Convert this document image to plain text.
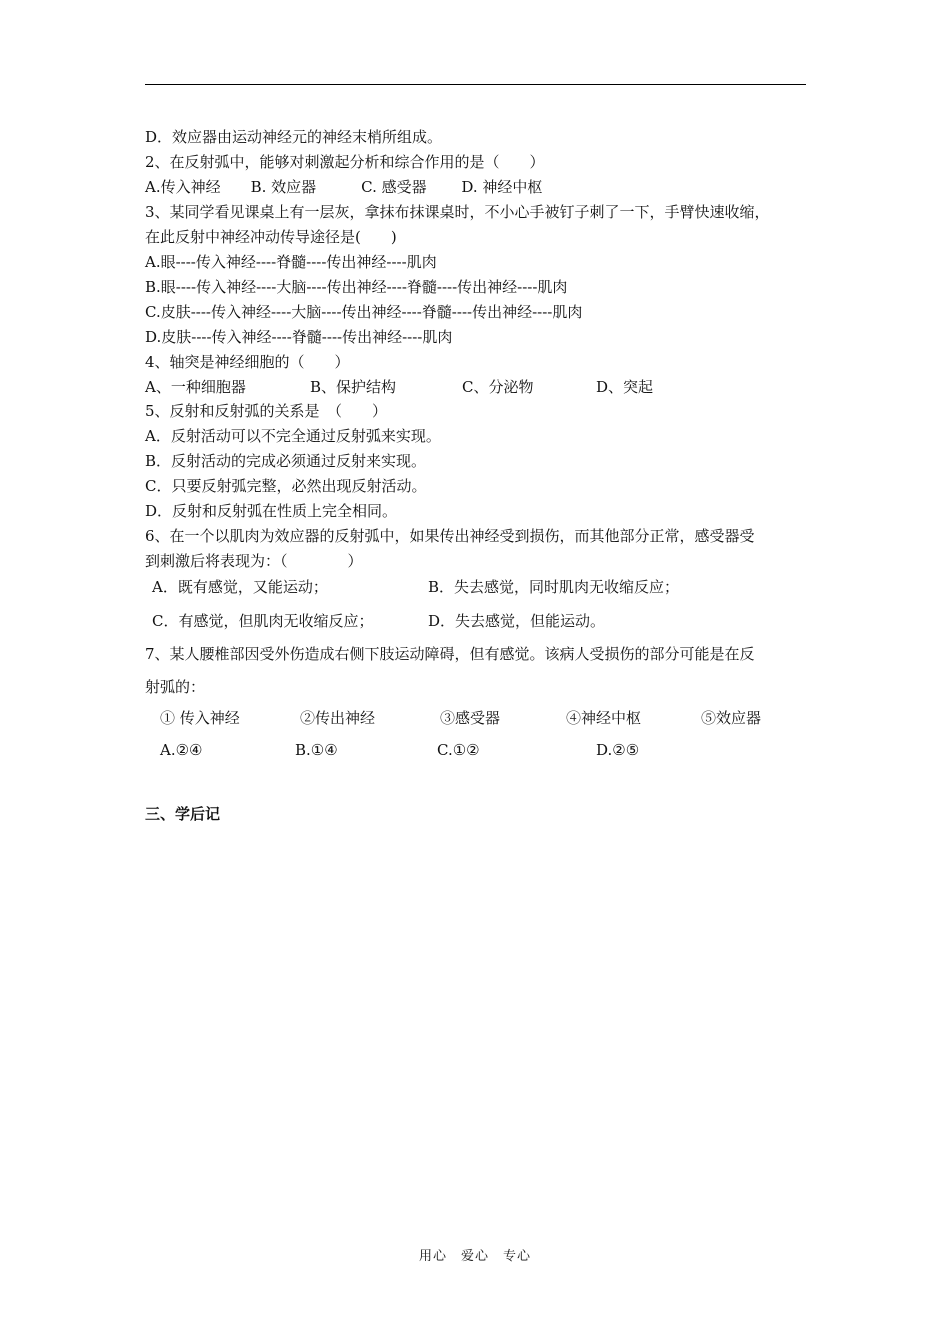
D．效应器由运动神经元的神经末梢所组成。
2、在反射弧中，能够对刺激起分析和综合作用的是（　　）
A.传入神经　　B. 效应器　　　C. 感受器　　 D. 神经中枢
3、某同学看见课桌上有一层灰，拿抹布抹课桌时，不小心手被钉子刺了一下，手臂快速收缩，
在此反射中神经冲动传导途径是(　　)
A.眼----传入神经----脊髓----传出神经----肌肉
B.眼----传入神经----大脑----传出神经----脊髓----传出神经----肌肉
C.皮肤----传入神经----大脑----传出神经----脊髓----传出神经----肌肉
D.皮肤----传入神经----脊髓----传出神经----肌肉
4、轴突是神经细胞的（　　）
A、一种细胞器	B、保护结构	C、分泌物	D、突起
5、反射和反射弧的关系是　（　　）
A．反射活动可以不完全通过反射弧来实现。
B．反射活动的完成必须通过反射来实现。
C．只要反射弧完整，必然出现反射活动。
D．反射和反射弧在性质上完全相同。
6、在一个以肌肉为效应器的反射弧中，如果传出神经受到损伤，而其他部分正常，感受器受
到刺激后将表现为：（　　　　）
A．既有感觉，又能运动；	B．失去感觉，同时肌肉无收缩反应；
C．有感觉，但肌肉无收缩反应；	D．失去感觉，但能运动。
7、某人腰椎部因受外伤造成右侧下肢运动障碍，但有感觉。该病人受损伤的部分可能是在反
射弧的：
① 传入神经	②传出神经	③感受器	④神经中枢	⑤效应器
A.②④	B.①④	C.①②	D.②⑤
三、学后记
用心　爱心　专心
